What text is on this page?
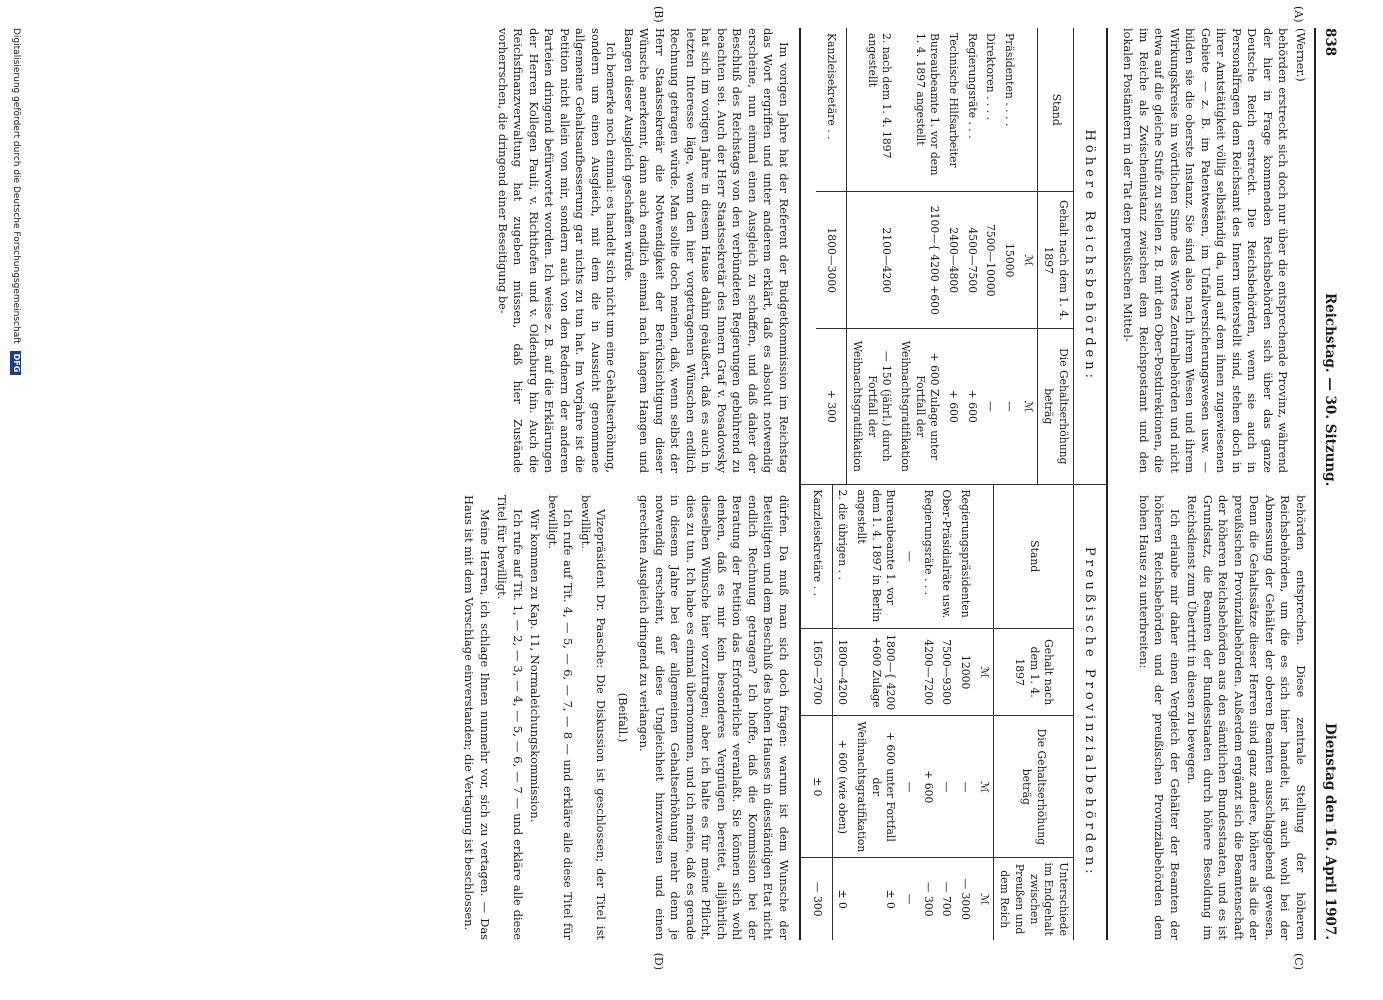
838
Reichstag. — 30. Sitzung.
Dienstag den 16. April 1907.
(A)
(B)
(C)
(D)

(Werner.)

behörden erstreckt sich doch nur über die entsprechende Provinz, während der hier in Frage kommenden Reichsbehörden sich über das ganze Deutsche Reich erstreckt. Die Reichsbehörden, wenn sie auch in Personalfragen dem Reichsamt des Innern unterstellt sind, stehen doch in ihrer Amtstätigkeit völlig selbständig da, und auf dem ihnen zugewiesenen Gebiete — z. B. im Patentwesen, im Unfallversicherungswesen usw. — bilden sie die oberste Instanz. Sie sind also nach ihrem Wesen und ihrem Wirkungskreise im wörtlichen Sinne des Wortes Zentralbehörden und nicht etwa auf die gleiche Stufe zu stellen z. B. mit den Ober-Postdirektionen, die im Reiche als Zwischeninstanz zwischen dem Reichspostamt und den lokalen Postämtern in der Tat den preußischen Mittel-

behörden entsprechen. Diese zentrale Stellung der höheren Reichsbehörden, um die es sich hier handelt, ist auch wohl bei der Abmessung der Gehälter der oberen Beamten ausschlaggebend gewesen. Denn die Gehaltssätze dieser Herren sind ganz andere, höhere als die der preußischen Provinzialbehörden. Außerdem ergänzt sich die Beamtenschaft der höheren Reichsbehörden aus den sämtlichen Bundesstaaten, und es ist Grundsatz, die Beamten der Bundesstaaten durch höhere Besoldung im Reichsdienst zum Übertritt in diesen zu bewegen.

Ich erlaube mir daher einen Vergleich der Gehälter der Beamten der höheren Reichsbehörden und der preußischen Provinzialbehörden dem hohen Hause zu unterbreiten:

Höhere Reichsbehörden:
Stand	Gehalt nach dem 1. 4. 1897	Die Gehaltserhöhung beträg
	ℳ	ℳ
Präsidenten . . . .	15000	—
Direktoren . . . .	7500—10000	—
Regierungsräte . . .	4500—7500	+ 600
Technische Hilfsarbeiter	2400—4800	+ 600
Bureaubeamte 1. vor dem 1. 4. 1897 angestellt	2100—{ 4200 +600	+ 600 Zulage unter Fortfall der Weihnachtsgratifikation
2. nach dem 1. 4. 1897 angestellt	2100—4200	— 150 (jährl.) durch Fortfall der Weihnachtsgratifikation
Kanzleisekretäre . .	1800—3000	+ 300
Preußische Provinzialbehörden:
Stand	Gehalt nach dem 1. 4. 1897	Die Gehaltserhöhung beträg	Unterschiede im Endgehalt zwischen Preußen und dem Reich
	ℳ	ℳ	ℳ
Regierungspräsidenten	12000	—	— 3000
Ober-Präsidialräte usw.	7500—9300	—	— 700
Regierungsräte . . .	4200—7200	+ 600	— 300
—		—	—
Bureaubeamte 1. vor dem 1. 4. 1897 in Berlin angestellt	1800—{ 4200 +600 Zulage	+ 600 unter Fortfall der Weihnachtsgratifikation	± 0
2. die übrigen . .	1800—4200	+ 600 (wie oben)	± 0
Kanzleisekretäre . .	1650—2700	± 0	— 300

Im vorigen Jahre hat der Referent der Budgetkommission im Reichstag das Wort ergriffen und unter anderem erklärt, daß es absolut notwendig erscheine, nun einmal einen Ausgleich zu schaffen, und daß daher der Beschluß des Reichstags von den verbündeten Regierungen gebührend zu beachten sei. Auch der Herr Staatssekretär des Innern Graf v. Posadowsky hat sich im vorigen Jahre in diesem Hause dahin geäußert, daß es auch in letzten Interesse läge, wenn den hier vorgetragenen Wünschen endlich Rechnung getragen würde. Man sollte doch meinen, daß, wenn selbst der Herr Staatssekretär die Notwendigkeit der Berücksichtigung dieser Wünsche anerkennt, dann auch endlich einmal nach langem Hangen und Bangen dieser Ausgleich geschaffen würde.

Ich bemerke noch einmal: es handelt sich nicht um eine Gehaltserhöhung, sondern um einen Ausgleich, mit dem die in Aussicht genommene allgemeine Gehaltsaufbesserung gar nichts zu tun hat. Im Vorjahre ist die Petition nicht allein von mir, sondern auch von den Rednern der anderen Parteien dringend befürwortet worden. Ich weise z. B. auf die Erklärungen der Herren Kollegen Pauli, v. Richthofen und v. Oldenburg hin. Auch die Reichsfinanzverwaltung hat zugeben müssen, daß hier Zustände vorherrschen, die dringend einer Beseitigung be-

dürfen. Da muß man sich doch fragen: warum ist dem Wunsche der Beteiligten und dem Beschluß des hohen Hauses in diesständigen Etat nicht endlich Rechnung getragen? Ich hoffe, daß die Kommission bei der Beratung der Petition das Erforderliche veranlaßt. Sie können sich wohl denken, daß es mir kein besonderes Vergnügen bereitet, alljährlich dieselben Wünsche hier vorzutragen; aber ich halte es für meine Pflicht, dies zu tun. Ich habe es einmal übernommen, und ich meine, daß es gerade in diesem Jahre bei der allgemeinen Gehaltserhöhung mehr denn je notwendig erscheint, auf diese Ungleichheit hinzuweisen und einen gerechten Ausgleich dringend zu verlangen.

(Beifall.)

Vizepräsident Dr. Paasche: Die Diskussion ist geschlossen; der Titel ist bewilligt.

Ich rufe auf Tit. 4, — 5, — 6, — 7, — 8 — und erkläre alle diese Titel für bewilligt.

Wir kommen zu Kap. 11, Normaleichungskommission.

Ich rufe auf Tit. 1, — 2, — 3, — 4, — 5, — 6, — 7 — und erkläre alle diese Titel für bewilligt.

Meine Herren, ich schlage Ihnen nunmehr vor, sich zu vertagen. — Das Haus ist mit dem Vorschlage einverstanden; die Vertagung ist beschlossen.

Digitalisierung gefördert durch die Deutsche Forschungsgemeinschaft DFG
